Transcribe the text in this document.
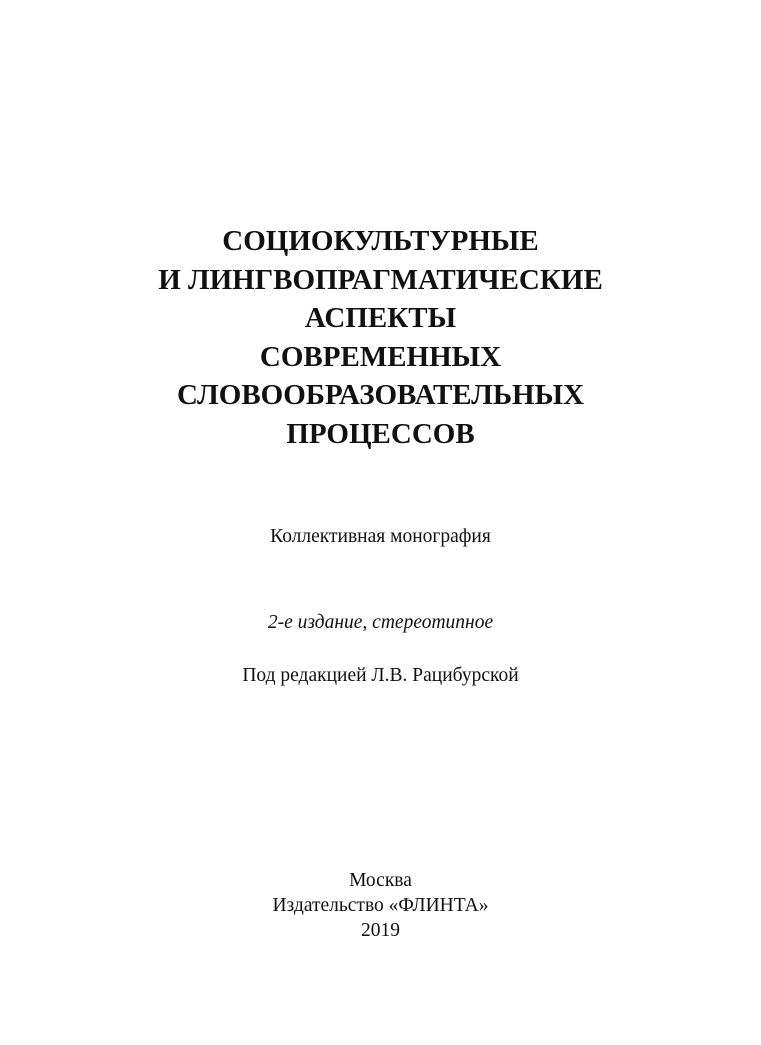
СОЦИОКУЛЬТУРНЫЕ
И ЛИНГВОПРАГМАТИЧЕСКИЕ
АСПЕКТЫ
СОВРЕМЕННЫХ
СЛОВООБРАЗОВАТЕЛЬНЫХ
ПРОЦЕССОВ
Коллективная монография
2-е издание, стереотипное
Под редакцией Л.В. Рацибурской
Москва
Издательство «ФЛИНТА»
2019
